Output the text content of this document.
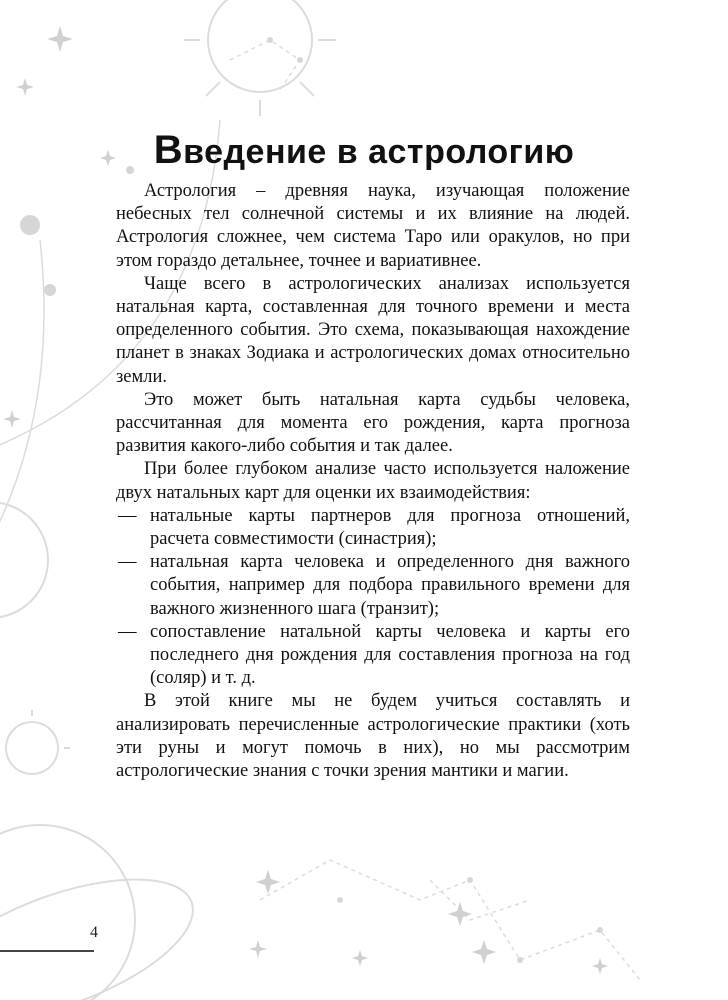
Введение в астрологию

Астрология – древняя наука, изучающая положение небесных тел солнечной системы и их влияние на людей. Астрология сложнее, чем система Таро или оракулов, но при этом гораздо детальнее, точнее и вариативнее.

Чаще всего в астрологических анализах используется натальная карта, составленная для точного времени и места определенного события. Это схема, показывающая нахождение планет в знаках Зодиака и астрологических домах относительно земли.

Это может быть натальная карта судьбы человека, рассчитанная для момента его рождения, карта прогноза развития какого-либо события и так далее.

При более глубоком анализе часто используется наложение двух натальных карт для оценки их взаимодействия:

— натальные карты партнеров для прогноза отношений, расчета совместимости (синастрия);
— натальная карта человека и определенного дня важного события, например для подбора правильного времени для важного жизненного шага (транзит);
— сопоставление натальной карты человека и карты его последнего дня рождения для составления прогноза на год (соляр) и т. д.

В этой книге мы не будем учиться составлять и анализировать перечисленные астрологические практики (хоть эти руны и могут помочь в них), но мы рассмотрим астрологические знания с точки зрения мантики и магии.

4
